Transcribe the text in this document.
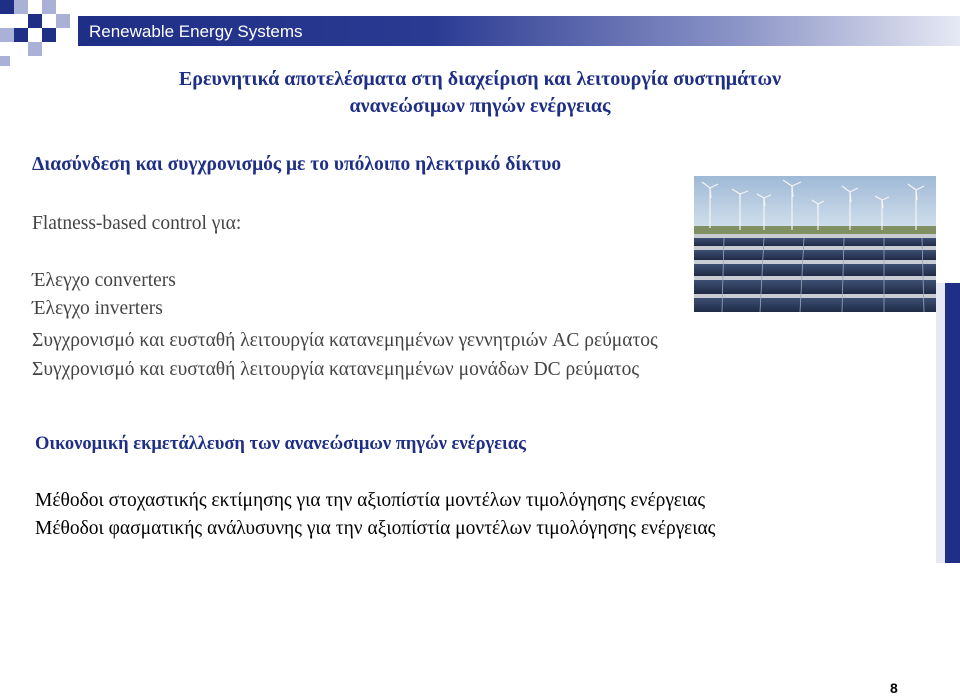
Renewable Energy Systems
Ερευνητικά αποτελέσματα στη διαχείριση και λειτουργία συστημάτων
ανανεώσιμων πηγών ενέργειας
Διασύνδεση και συγχρονισμός με το υπόλοιπο ηλεκτρικό δίκτυο
Flatness-based control για:
Έλεγχο converters
Έλεγχο inverters
Συγχρονισμό και ευσταθή λειτουργία κατανεμημένων γεννητριών AC ρεύματος
Συγχρονισμό και ευσταθή λειτουργία κατανεμημένων μονάδων DC ρεύματος
Οικονομική εκμετάλλευση των ανανεώσιμων πηγών ενέργειας
Μέθοδοι στοχαστικής εκτίμησης για την αξιοπίστία μοντέλων τιμολόγησης ενέργειας
Μέθοδοι φασματικής ανάλυσυνης για την αξιοπίστία μοντέλων τιμολόγησης ενέργειας
8
